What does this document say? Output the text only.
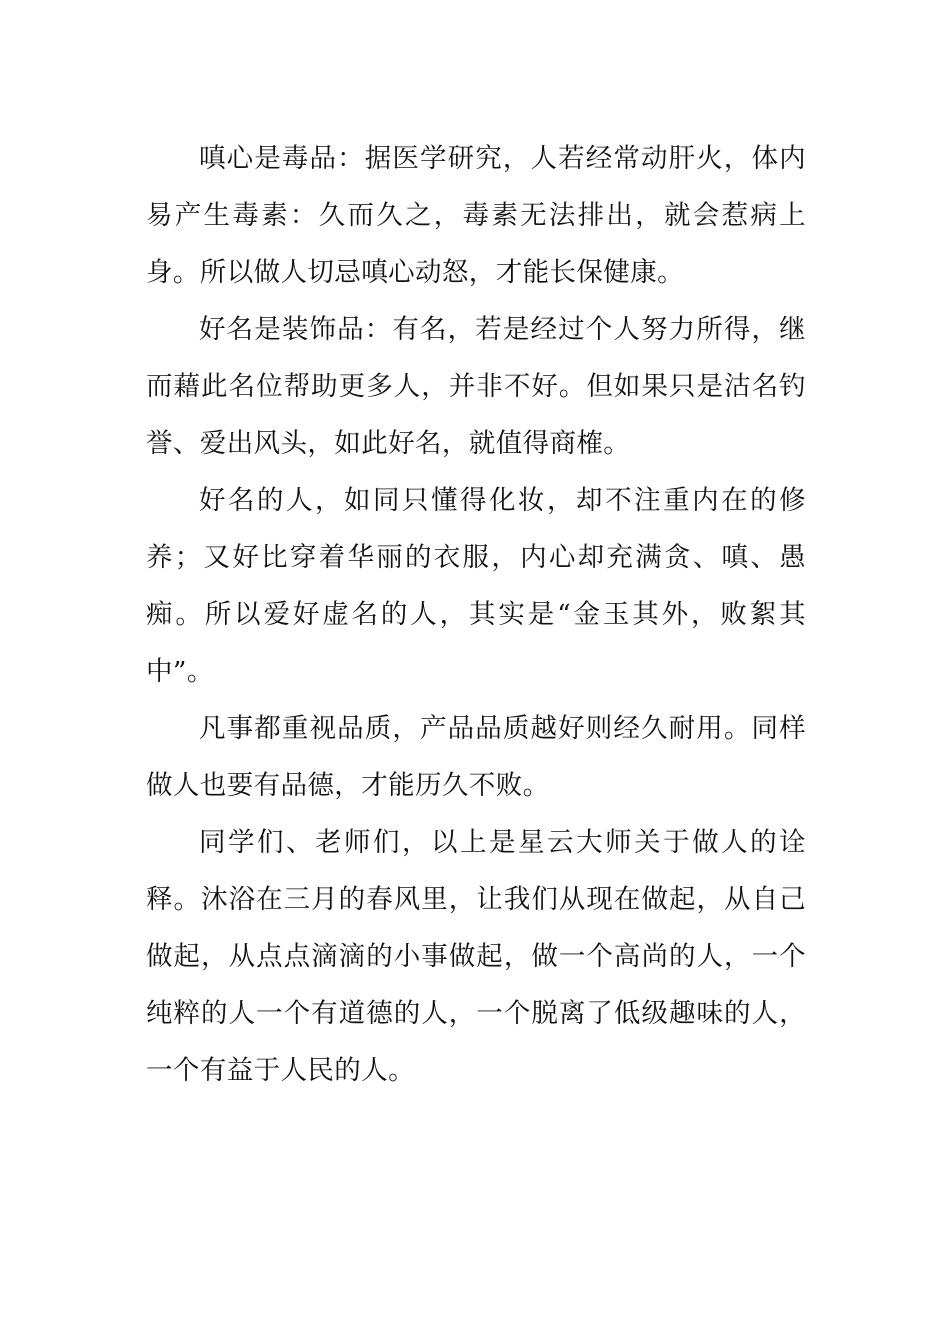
嗔心是毒品：据医学研究，人若经常动肝火，体内易产生毒素：久而久之，毒素无法排出，就会惹病上身。所以做人切忌嗔心动怒，才能长保健康。

好名是装饰品：有名，若是经过个人努力所得，继而藉此名位帮助更多人，并非不好。但如果只是沽名钓誉、爱出风头，如此好名，就值得商榷。

好名的人，如同只懂得化妆，却不注重内在的修养；又好比穿着华丽的衣服，内心却充满贪、嗔、愚痴。所以爱好虚名的人，其实是“金玉其外，败絮其中”。

凡事都重视品质，产品品质越好则经久耐用。同样做人也要有品德，才能历久不败。

同学们、老师们，以上是星云大师关于做人的诠释。沐浴在三月的春风里，让我们从现在做起，从自己做起，从点点滴滴的小事做起，做一个高尚的人，一个纯粹的人一个有道德的人，一个脱离了低级趣味的人，一个有益于人民的人。
